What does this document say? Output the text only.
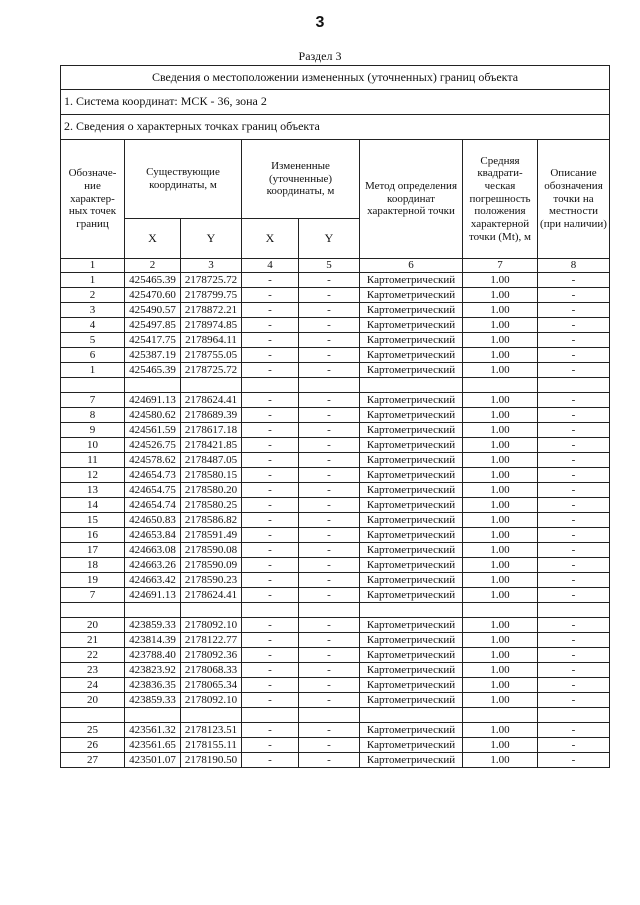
3
Раздел 3
Сведения о местоположении измененных (уточненных) границ объекта							
1. Система координат: МСК - 36, зона 2							
2. Сведения о характерных точках границ объекта							
Обозначе-ние характер-ных точек границ	Существующие координаты, м		Измененные (уточненные) координаты, м		Метод определения координат характерной точки	Средняя квадрати-ческая погрешность положения характерной точки (Mt), м	Описание обозначения точки на местности (при наличии)
	X	Y	X	Y			
1	2	3	4	5	6	7	8
1	425465.39	2178725.72	-	-	Картометрический	1.00	-
2	425470.60	2178799.75	-	-	Картометрический	1.00	-
3	425490.57	2178872.21	-	-	Картометрический	1.00	-
4	425497.85	2178974.85	-	-	Картометрический	1.00	-
5	425417.75	2178964.11	-	-	Картометрический	1.00	-
6	425387.19	2178755.05	-	-	Картометрический	1.00	-
1	425465.39	2178725.72	-	-	Картометрический	1.00	-

7	424691.13	2178624.41	-	-	Картометрический	1.00	-
8	424580.62	2178689.39	-	-	Картометрический	1.00	-
9	424561.59	2178617.18	-	-	Картометрический	1.00	-
10	424526.75	2178421.85	-	-	Картометрический	1.00	-
11	424578.62	2178487.05	-	-	Картометрический	1.00	-
12	424654.73	2178580.15	-	-	Картометрический	1.00	-
13	424654.75	2178580.20	-	-	Картометрический	1.00	-
14	424654.74	2178580.25	-	-	Картометрический	1.00	-
15	424650.83	2178586.82	-	-	Картометрический	1.00	-
16	424653.84	2178591.49	-	-	Картометрический	1.00	-
17	424663.08	2178590.08	-	-	Картометрический	1.00	-
18	424663.26	2178590.09	-	-	Картометрический	1.00	-
19	424663.42	2178590.23	-	-	Картометрический	1.00	-
7	424691.13	2178624.41	-	-	Картометрический	1.00	-

20	423859.33	2178092.10	-	-	Картометрический	1.00	-
21	423814.39	2178122.77	-	-	Картометрический	1.00	-
22	423788.40	2178092.36	-	-	Картометрический	1.00	-
23	423823.92	2178068.33	-	-	Картометрический	1.00	-
24	423836.35	2178065.34	-	-	Картометрический	1.00	-
20	423859.33	2178092.10	-	-	Картометрический	1.00	-

25	423561.32	2178123.51	-	-	Картометрический	1.00	-
26	423561.65	2178155.11	-	-	Картометрический	1.00	-
27	423501.07	2178190.50	-	-	Картометрический	1.00	-
